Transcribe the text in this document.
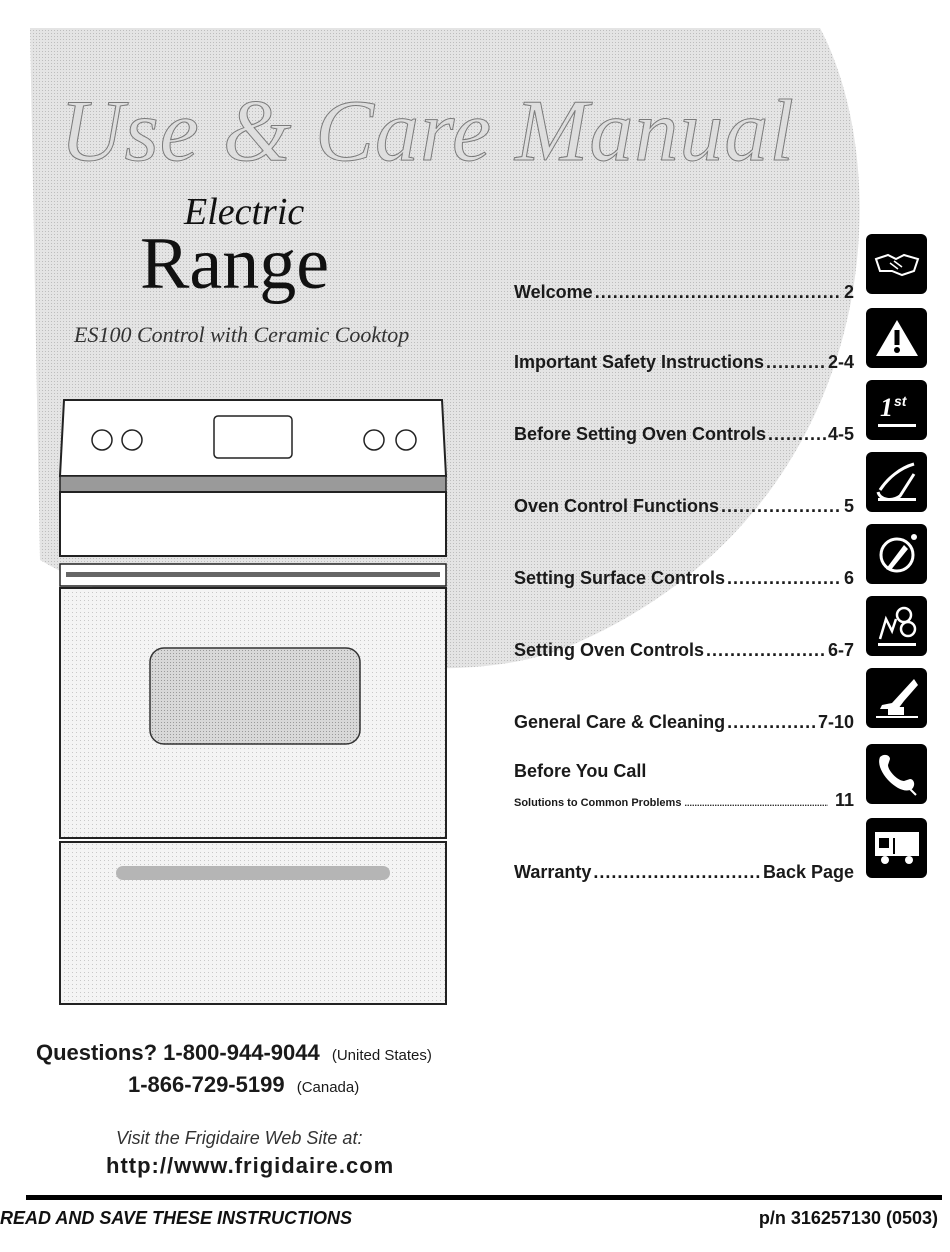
Use & Care Manual
Electric
Range
ES100 Control with Ceramic Cooktop
Welcome .....	2
Important Safety Instructions .....	2-4
Before Setting Oven Controls .....	4-5
Oven Control Functions .....	5
Setting Surface Controls .....	6
Setting Oven Controls .....	6-7
General Care & Cleaning .....	7-10
Before You Call
Solutions to Common Problems .....	11
Warranty .....	Back Page
1 st
Questions? 1-800-944-9044 (United States)
1-866-729-5199 (Canada)
Visit the Frigidaire Web Site at:
http://www.frigidaire.com
READ AND SAVE THESE INSTRUCTIONS	p/n 316257130 (0503)
